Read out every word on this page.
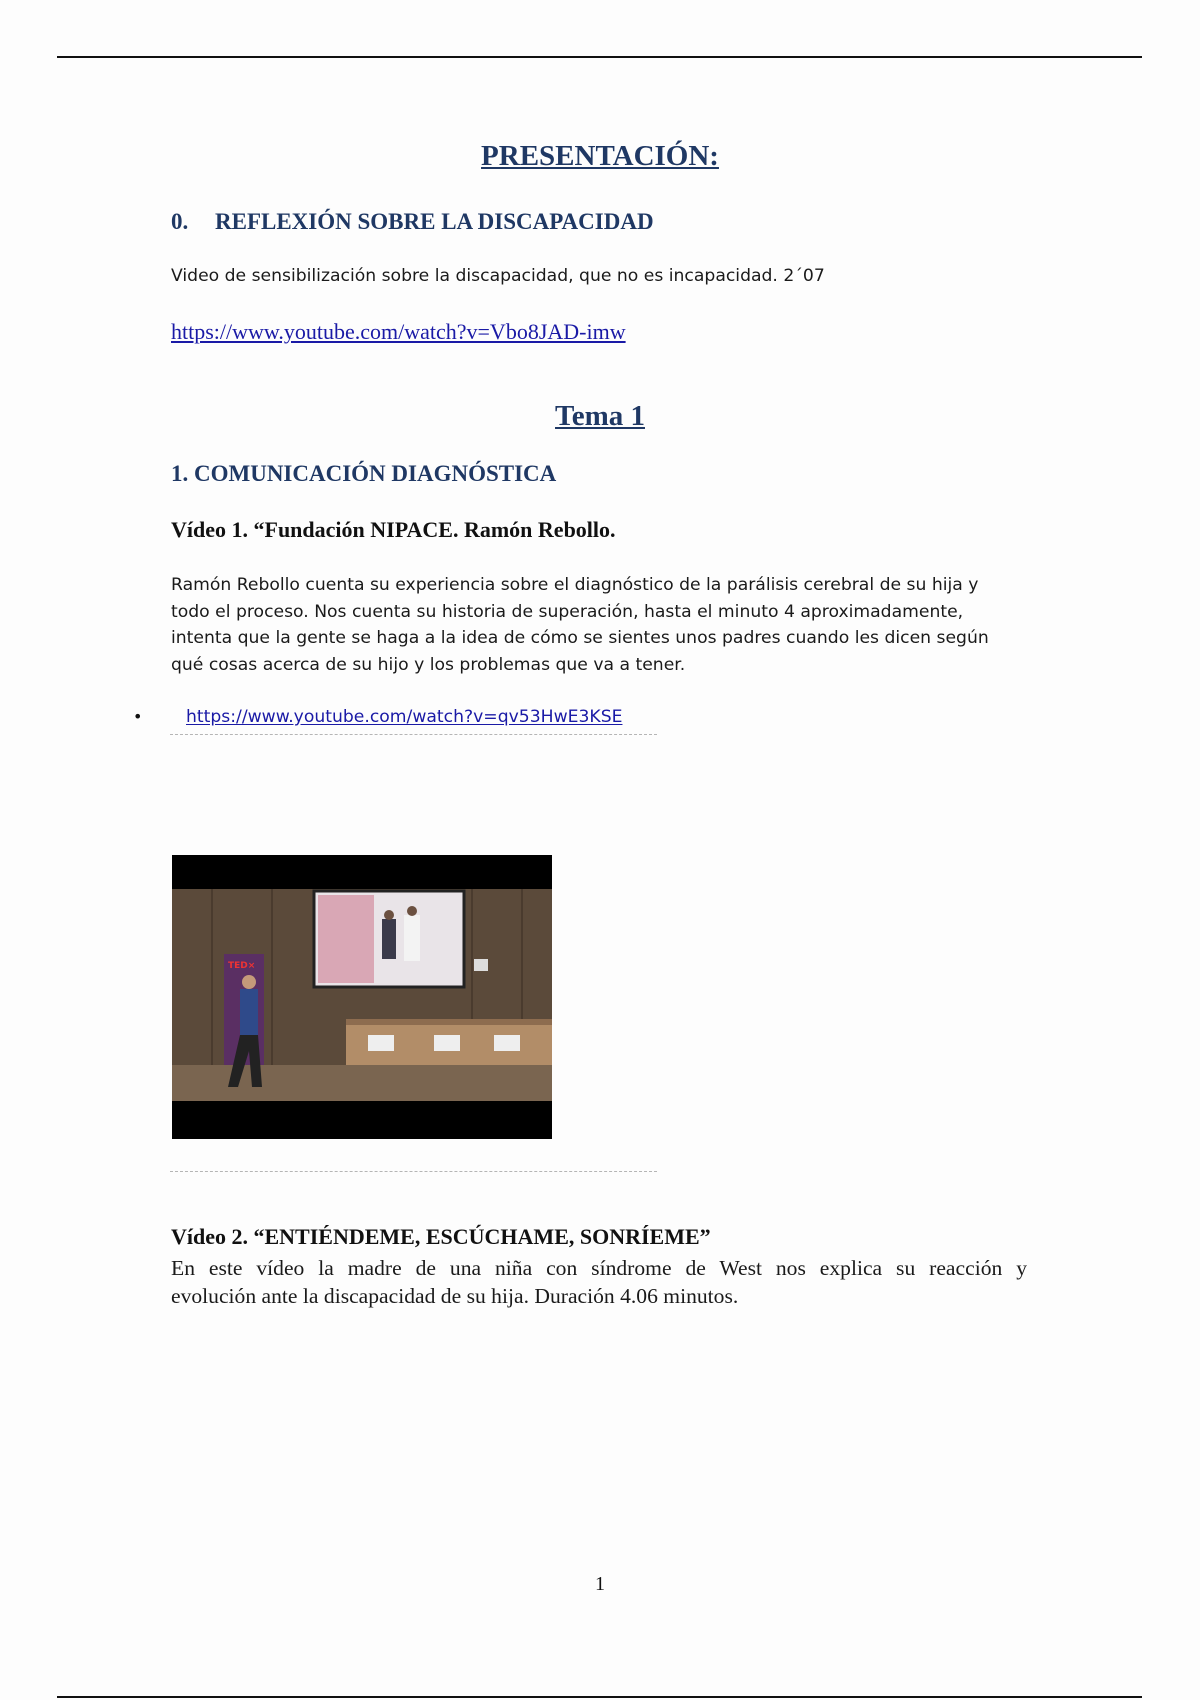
PRESENTACIÓN:
0. REFLEXIÓN SOBRE LA DISCAPACIDAD
Video de sensibilización sobre la discapacidad, que no es incapacidad. 2´07
https://www.youtube.com/watch?v=Vbo8JAD-imw
Tema 1
1. COMUNICACIÓN DIAGNÓSTICA
Vídeo 1. “Fundación NIPACE. Ramón Rebollo.
Ramón Rebollo cuenta su experiencia sobre el diagnóstico de la parálisis cerebral de su hija y
todo el proceso. Nos cuenta su historia de superación, hasta el minuto 4 aproximadamente,
intenta que la gente se haga a la idea de cómo se sientes unos padres cuando les dicen según
qué cosas acerca de su hijo y los problemas que va a tener.
•	https://www.youtube.com/watch?v=qv53HwE3KSE
TED×
Vídeo 2. “ENTIÉNDEME, ESCÚCHAME, SONRÍEME”
En este vídeo la madre de una niña con síndrome de West nos explica su reacción y
evolución ante la discapacidad de su hija. Duración 4.06 minutos.
1
